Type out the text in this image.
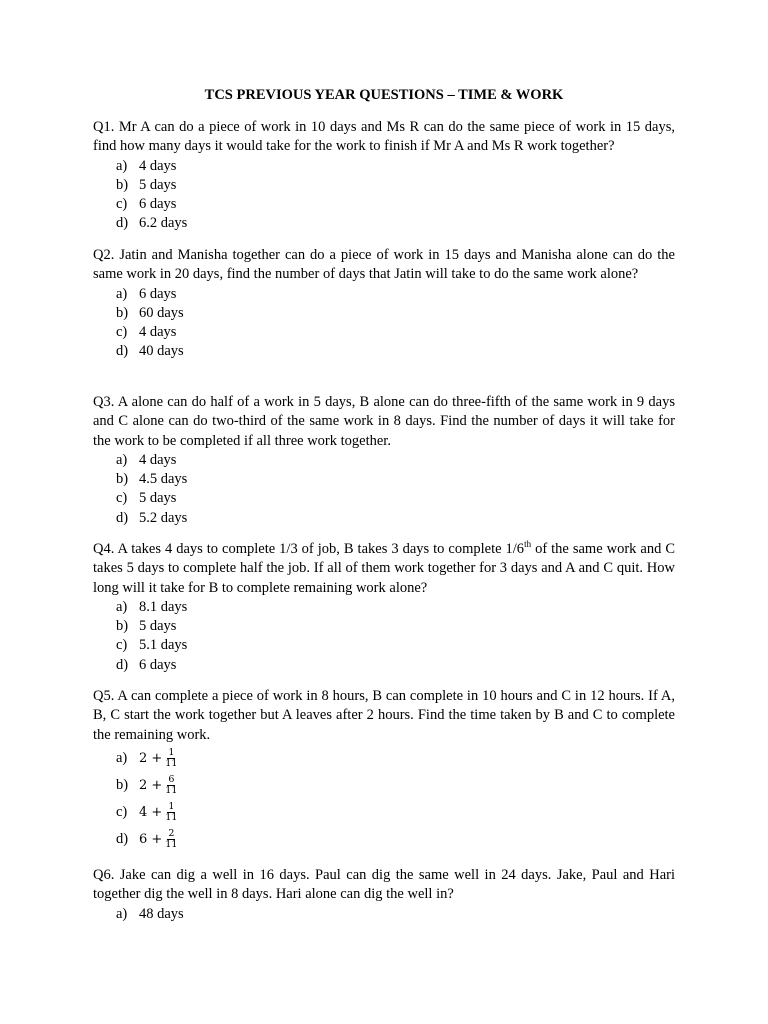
TCS PREVIOUS YEAR QUESTIONS – TIME & WORK

Q1. Mr A can do a piece of work in 10 days and Ms R can do the same piece of work in 15 days, find how many days it would take for the work to finish if Mr A and Ms R work together?

a) 4 days
b) 5 days
c) 6 days
d) 6.2 days

Q2. Jatin and Manisha together can do a piece of work in 15 days and Manisha alone can do the same work in 20 days, find the number of days that Jatin will take to do the same work alone?

a) 6 days
b) 60 days
c) 4 days
d) 40 days

Q3. A alone can do half of a work in 5 days, B alone can do three-fifth of the same work in 9 days and C alone can do two-third of the same work in 8 days. Find the number of days it will take for the work to be completed if all three work together.

a) 4 days
b) 4.5 days
c) 5 days
d) 5.2 days

Q4. A takes 4 days to complete 1/3 of job, B takes 3 days to complete 1/6th of the same work and C takes 5 days to complete half the job. If all of them work together for 3 days and A and C quit. How long will it take for B to complete remaining work alone?

a) 8.1 days
b) 5 days
c) 5.1 days
d) 6 days

Q5. A can complete a piece of work in 8 hours, B can complete in 10 hours and C in 12 hours. If A, B, C start the work together but A leaves after 2 hours. Find the time taken by B and C to complete the remaining work.

a) $2 + \frac{1}{11}$
b) $2 + \frac{6}{11}$
c) $4 + \frac{1}{11}$
d) $6 + \frac{2}{11}$

Q6. Jake can dig a well in 16 days. Paul can dig the same well in 24 days. Jake, Paul and Hari together dig the well in 8 days. Hari alone can dig the well in?

a) 48 days
